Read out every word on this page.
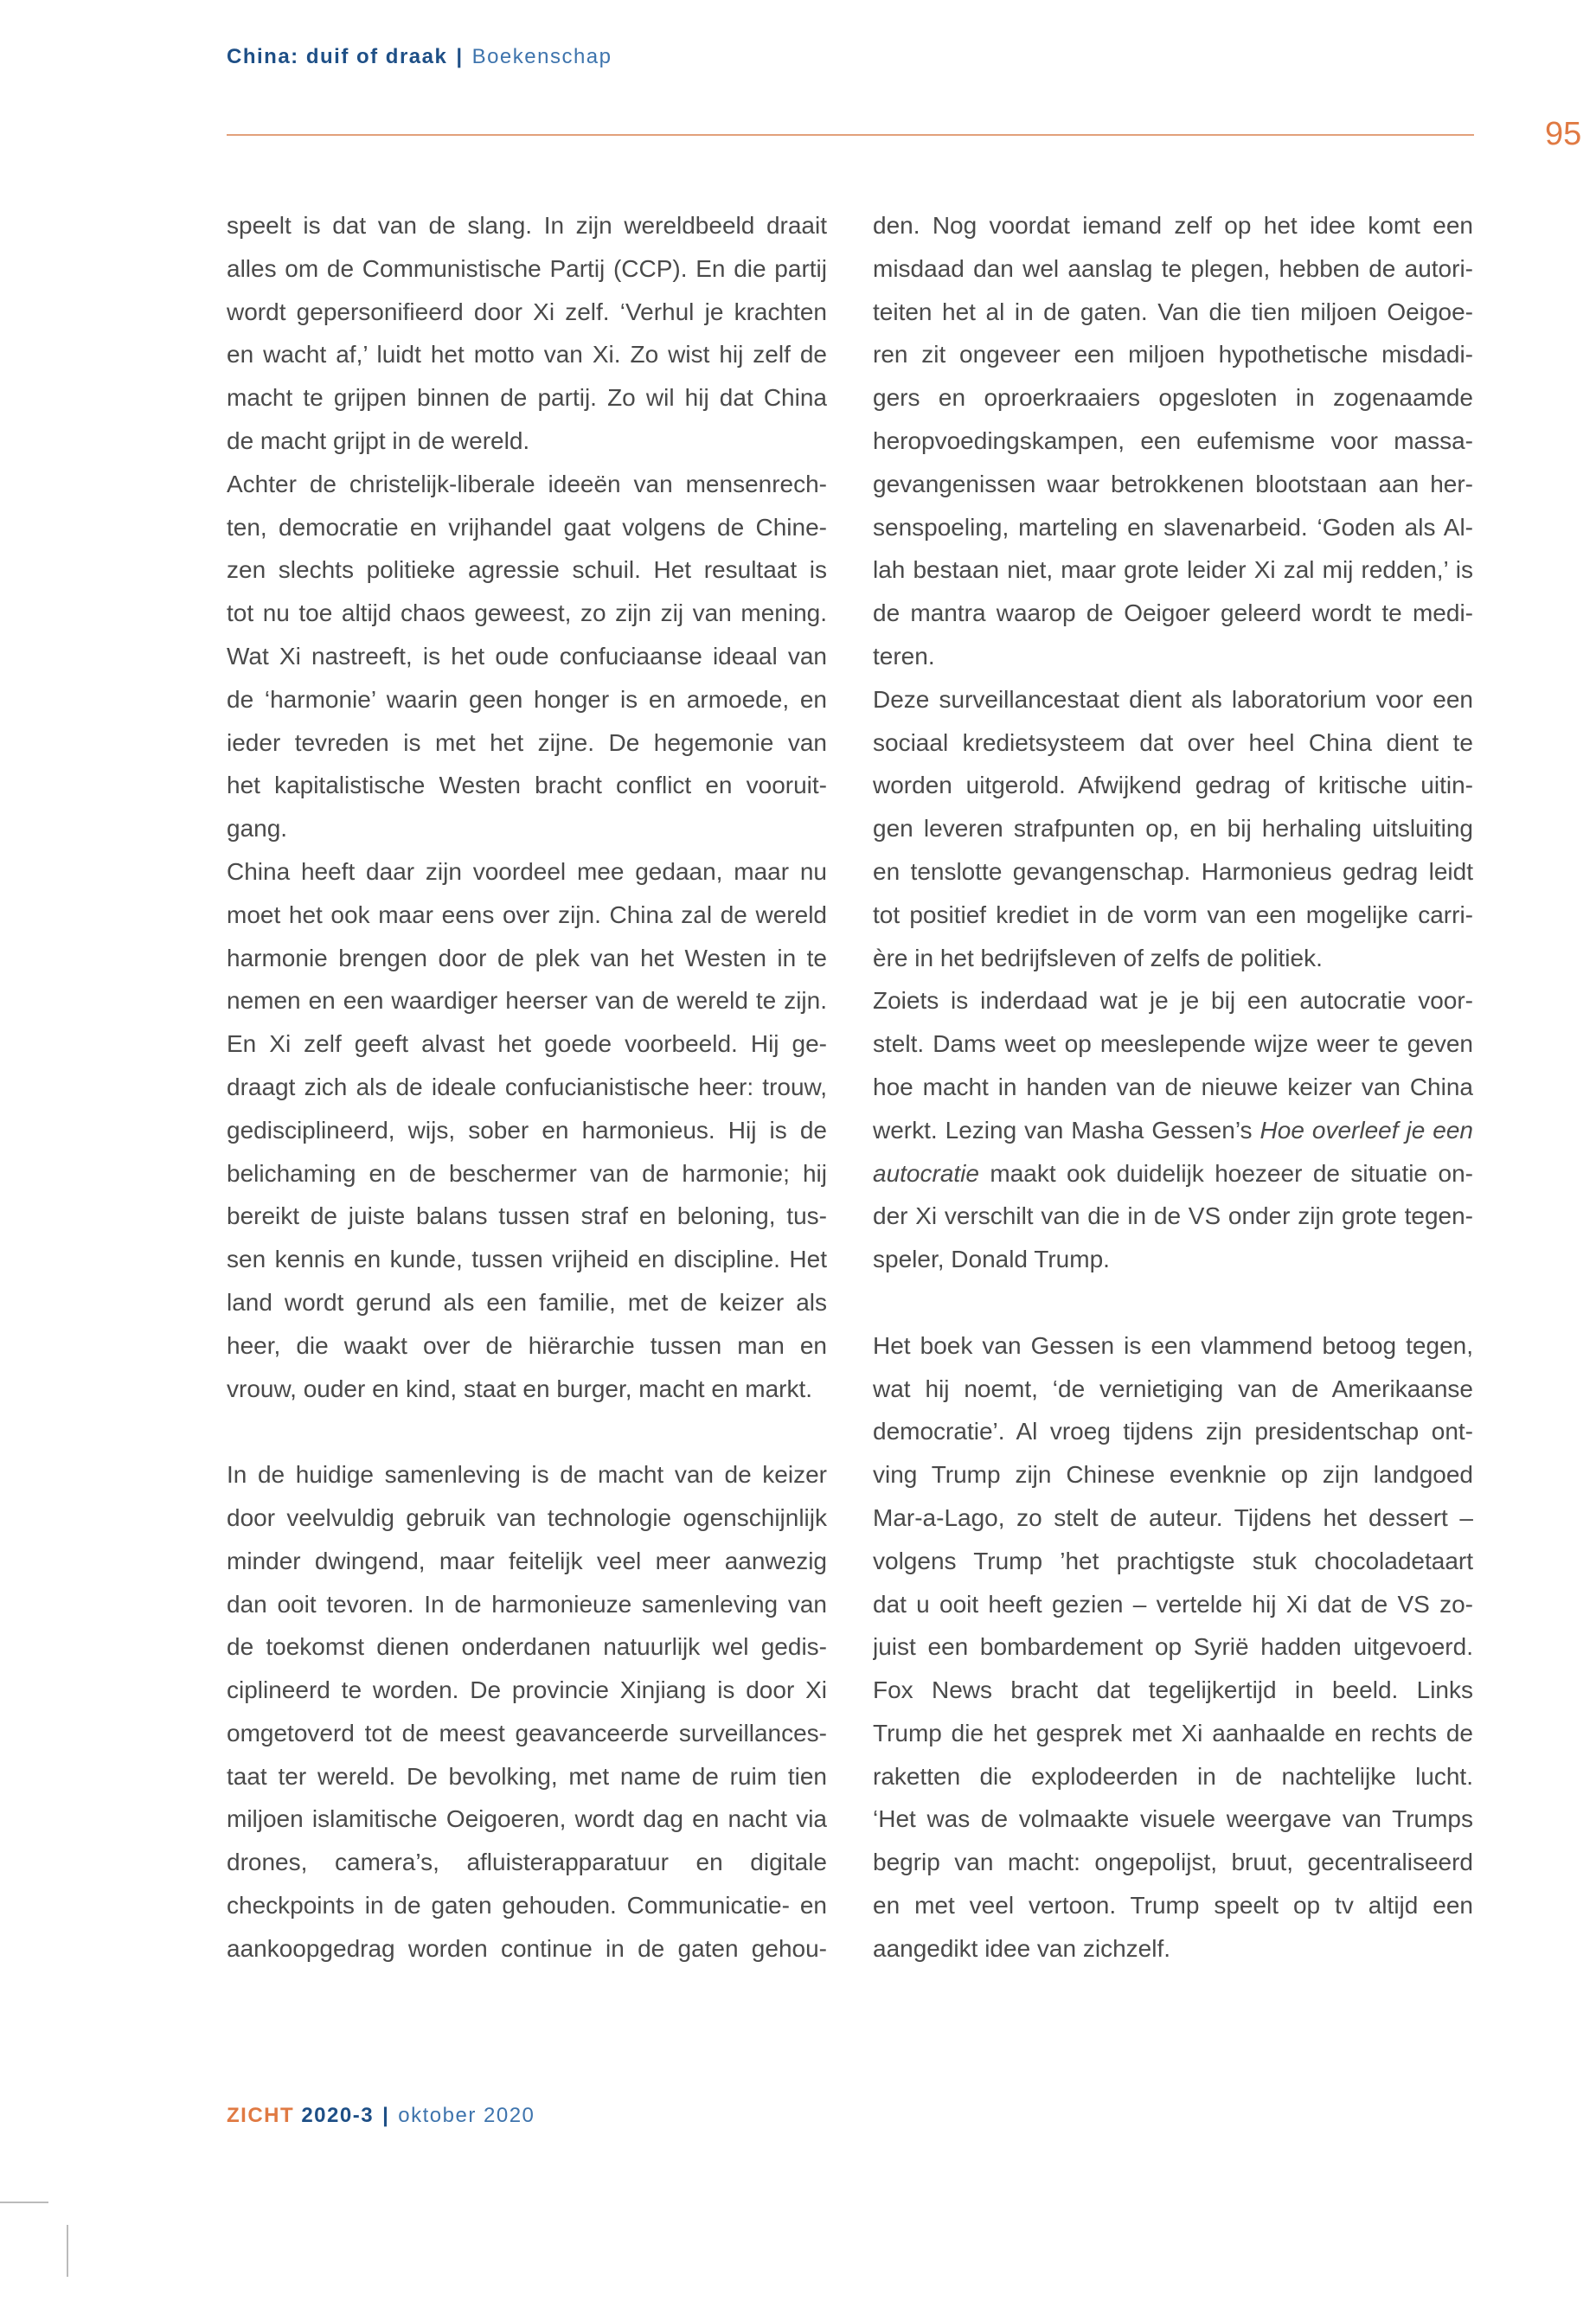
China: duif of draak | Boekenschap
95

speelt is dat van de slang. In zijn wereldbeeld draait
alles om de Communistische Partij (CCP). En die partij
wordt gepersonifieerd door Xi zelf. ‘Verhul je krachten
en wacht af,’ luidt het motto van Xi. Zo wist hij zelf de
macht te grijpen binnen de partij. Zo wil hij dat China
de macht grijpt in de wereld.

Achter de christelijk-liberale ideeën van mensenrech-
ten, democratie en vrijhandel gaat volgens de Chine-
zen slechts politieke agressie schuil. Het resultaat is
tot nu toe altijd chaos geweest, zo zijn zij van mening.
Wat Xi nastreeft, is het oude confuciaanse ideaal van
de ‘harmonie’ waarin geen honger is en armoede, en
ieder tevreden is met het zijne. De hegemonie van
het kapitalistische Westen bracht conflict en vooruit-
gang.

China heeft daar zijn voordeel mee gedaan, maar nu
moet het ook maar eens over zijn. China zal de wereld
harmonie brengen door de plek van het Westen in te
nemen en een waardiger heerser van de wereld te zijn.
En Xi zelf geeft alvast het goede voorbeeld. Hij ge-
draagt zich als de ideale confucianistische heer: trouw,
gedisciplineerd, wijs, sober en harmonieus. Hij is de
belichaming en de beschermer van de harmonie; hij
bereikt de juiste balans tussen straf en beloning, tus-
sen kennis en kunde, tussen vrijheid en discipline. Het
land wordt gerund als een familie, met de keizer als
heer, die waakt over de hiërarchie tussen man en
vrouw, ouder en kind, staat en burger, macht en markt.

In de huidige samenleving is de macht van de keizer
door veelvuldig gebruik van technologie ogenschijnlijk
minder dwingend, maar feitelijk veel meer aanwezig
dan ooit tevoren. In de harmonieuze samenleving van
de toekomst dienen onderdanen natuurlijk wel gedis-
ciplineerd te worden. De provincie Xinjiang is door Xi
omgetoverd tot de meest geavanceerde surveillances-
taat ter wereld. De bevolking, met name de ruim tien
miljoen islamitische Oeigoeren, wordt dag en nacht via
drones, camera’s, afluisterapparatuur en digitale
checkpoints in de gaten gehouden. Communicatie- en
aankoopgedrag worden continue in de gaten gehou-

den. Nog voordat iemand zelf op het idee komt een
misdaad dan wel aanslag te plegen, hebben de autori-
teiten het al in de gaten. Van die tien miljoen Oeigoe-
ren zit ongeveer een miljoen hypothetische misdadi-
gers en oproerkraaiers opgesloten in zogenaamde
heropvoedingskampen, een eufemisme voor massa-
gevangenissen waar betrokkenen blootstaan aan her-
senspoeling, marteling en slavenarbeid. ‘Goden als Al-
lah bestaan niet, maar grote leider Xi zal mij redden,’ is
de mantra waarop de Oeigoer geleerd wordt te medi-
teren.

Deze surveillancestaat dient als laboratorium voor een
sociaal kredietsysteem dat over heel China dient te
worden uitgerold. Afwijkend gedrag of kritische uitin-
gen leveren strafpunten op, en bij herhaling uitsluiting
en tenslotte gevangenschap. Harmonieus gedrag leidt
tot positief krediet in de vorm van een mogelijke carri-
ère in het bedrijfsleven of zelfs de politiek.

Zoiets is inderdaad wat je je bij een autocratie voor-
stelt. Dams weet op meeslepende wijze weer te geven
hoe macht in handen van de nieuwe keizer van China
werkt. Lezing van Masha Gessen’s Hoe overleef je een
autocratie maakt ook duidelijk hoezeer de situatie on-
der Xi verschilt van die in de VS onder zijn grote tegen-
speler, Donald Trump.

Het boek van Gessen is een vlammend betoog tegen,
wat hij noemt, ‘de vernietiging van de Amerikaanse
democratie’. Al vroeg tijdens zijn presidentschap ont-
ving Trump zijn Chinese evenknie op zijn landgoed
Mar-a-Lago, zo stelt de auteur. Tijdens het dessert –
volgens Trump ’het prachtigste stuk chocoladetaart
dat u ooit heeft gezien – vertelde hij Xi dat de VS zo-
juist een bombardement op Syrië hadden uitgevoerd.
Fox News bracht dat tegelijkertijd in beeld. Links
Trump die het gesprek met Xi aanhaalde en rechts de
raketten die explodeerden in de nachtelijke lucht.
‘Het was de volmaakte visuele weergave van Trumps
begrip van macht: ongepolijst, bruut, gecentraliseerd
en met veel vertoon. Trump speelt op tv altijd een
aangedikt idee van zichzelf.

ZICHT 2020-3 | oktober 2020
